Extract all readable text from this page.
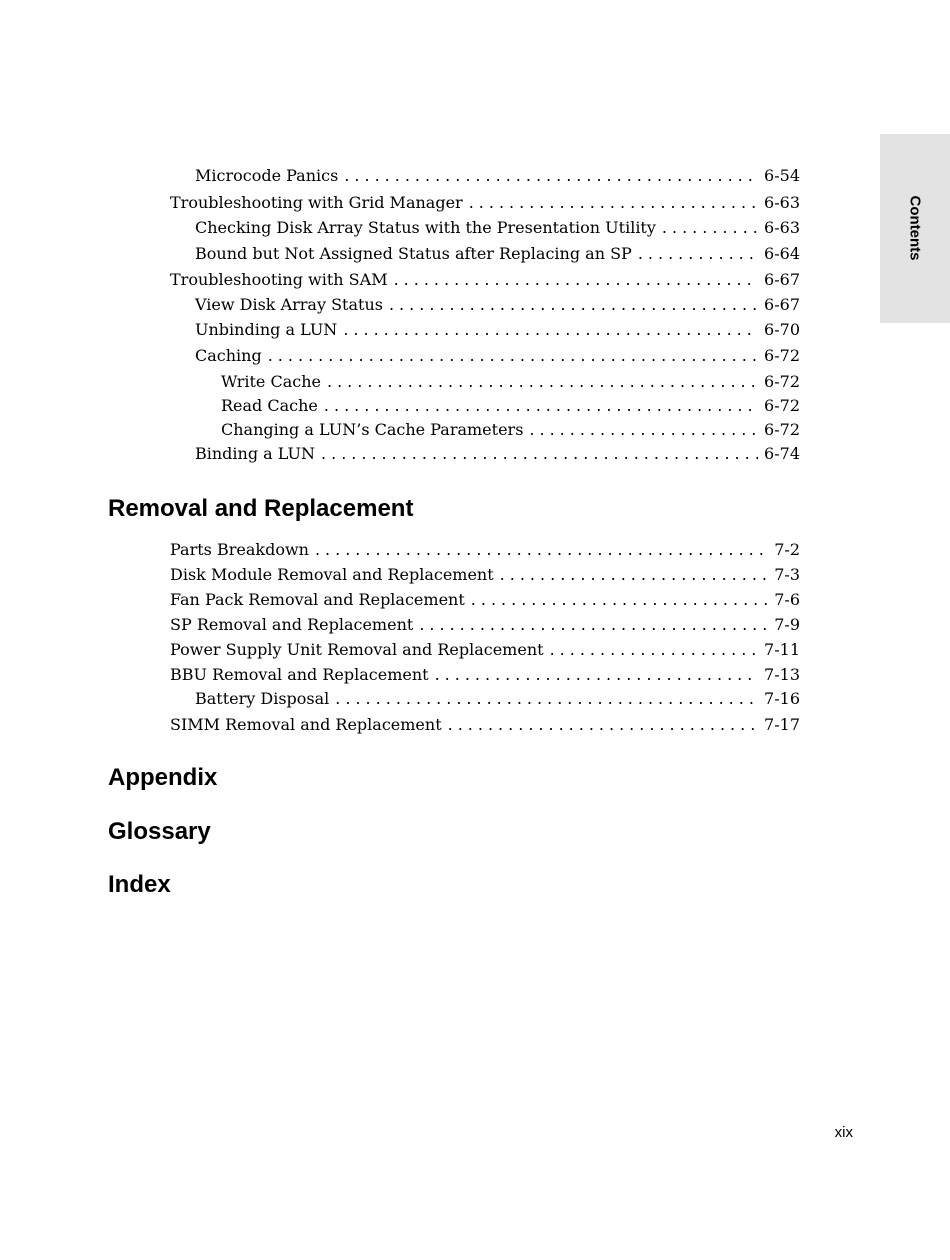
Contents
Microcode Panics .....	6-54
Troubleshooting with Grid Manager .....	6-63
Checking Disk Array Status with the Presentation Utility .....	6-63
Bound but Not Assigned Status after Replacing an SP .....	6-64
Troubleshooting with SAM .....	6-67
View Disk Array Status .....	6-67
Unbinding a LUN .....	6-70
Caching .....	6-72
Write Cache .....	6-72
Read Cache .....	6-72
Changing a LUN’s Cache Parameters .....	6-72
Binding a LUN .....	6-74
Removal and Replacement
Parts Breakdown .....	7-2
Disk Module Removal and Replacement .....	7-3
Fan Pack Removal and Replacement .....	7-6
SP Removal and Replacement .....	7-9
Power Supply Unit Removal and Replacement .....	7-11
BBU Removal and Replacement .....	7-13
Battery Disposal .....	7-16
SIMM Removal and Replacement .....	7-17
Appendix
Glossary
Index
xix
